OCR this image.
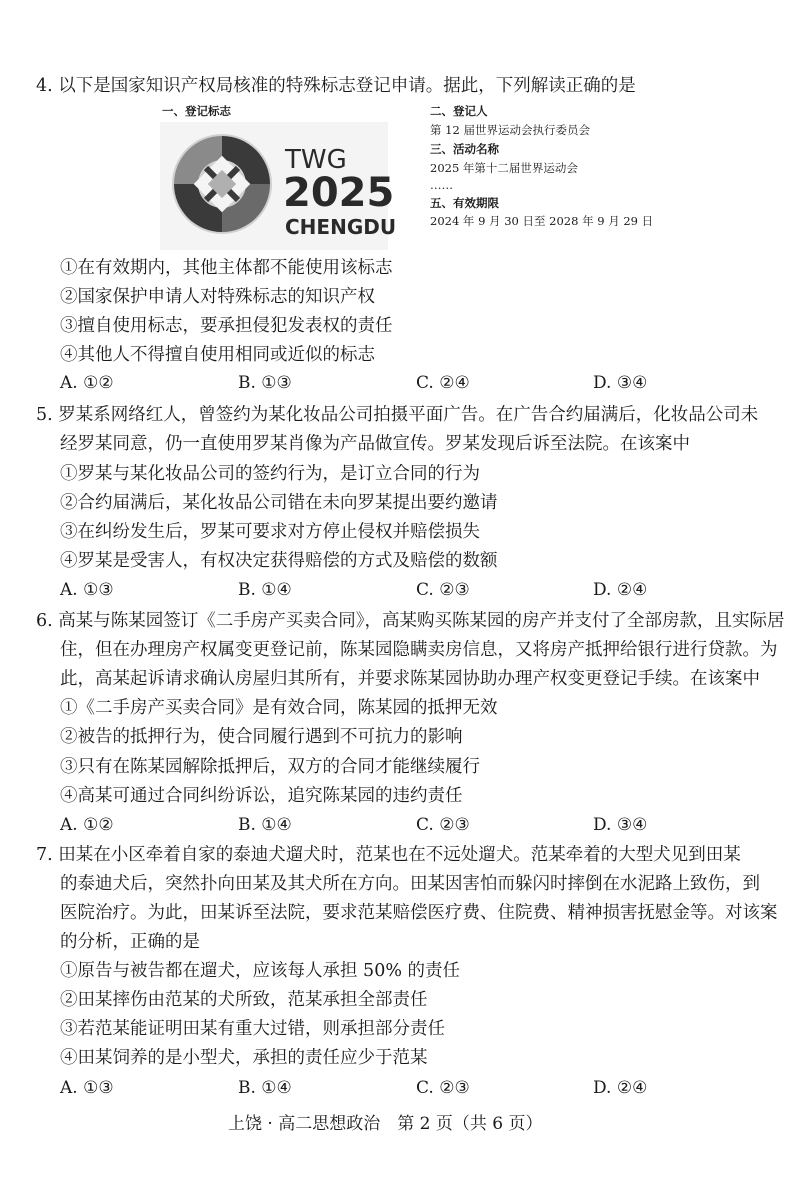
4. 以下是国家知识产权局核准的特殊标志登记申请。据此，下列解读正确的是
一、登记标志
TWG
2025
CHENGDU
二、登记人
第 12 届世界运动会执行委员会
三、活动名称
2025 年第十二届世界运动会
……
五、有效期限
2024 年 9 月 30 日至 2028 年 9 月 29 日
①在有效期内，其他主体都不能使用该标志
②国家保护申请人对特殊标志的知识产权
③擅自使用标志，要承担侵犯发表权的责任
④其他人不得擅自使用相同或近似的标志
A. ①②	B. ①③	C. ②④	D. ③④
5. 罗某系网络红人，曾签约为某化妆品公司拍摄平面广告。在广告合约届满后，化妆品公司未
经罗某同意，仍一直使用罗某肖像为产品做宣传。罗某发现后诉至法院。在该案中
①罗某与某化妆品公司的签约行为，是订立合同的行为
②合约届满后，某化妆品公司错在未向罗某提出要约邀请
③在纠纷发生后，罗某可要求对方停止侵权并赔偿损失
④罗某是受害人，有权决定获得赔偿的方式及赔偿的数额
A. ①③	B. ①④	C. ②③	D. ②④
6. 高某与陈某园签订《二手房产买卖合同》，高某购买陈某园的房产并支付了全部房款，且实际居
住，但在办理房产权属变更登记前，陈某园隐瞒卖房信息，又将房产抵押给银行进行贷款。为
此，高某起诉请求确认房屋归其所有，并要求陈某园协助办理产权变更登记手续。在该案中
①《二手房产买卖合同》是有效合同，陈某园的抵押无效
②被告的抵押行为，使合同履行遇到不可抗力的影响
③只有在陈某园解除抵押后，双方的合同才能继续履行
④高某可通过合同纠纷诉讼，追究陈某园的违约责任
A. ①②	B. ①④	C. ②③	D. ③④
7. 田某在小区牵着自家的泰迪犬遛犬时，范某也在不远处遛犬。范某牵着的大型犬见到田某
的泰迪犬后，突然扑向田某及其犬所在方向。田某因害怕而躲闪时摔倒在水泥路上致伤，到
医院治疗。为此，田某诉至法院，要求范某赔偿医疗费、住院费、精神损害抚慰金等。对该案
的分析，正确的是
①原告与被告都在遛犬，应该每人承担 50% 的责任
②田某摔伤由范某的犬所致，范某承担全部责任
③若范某能证明田某有重大过错，则承担部分责任
④田某饲养的是小型犬，承担的责任应少于范某
A. ①③	B. ①④	C. ②③	D. ②④
上饶 · 高二思想政治　第 2 页（共 6 页）
